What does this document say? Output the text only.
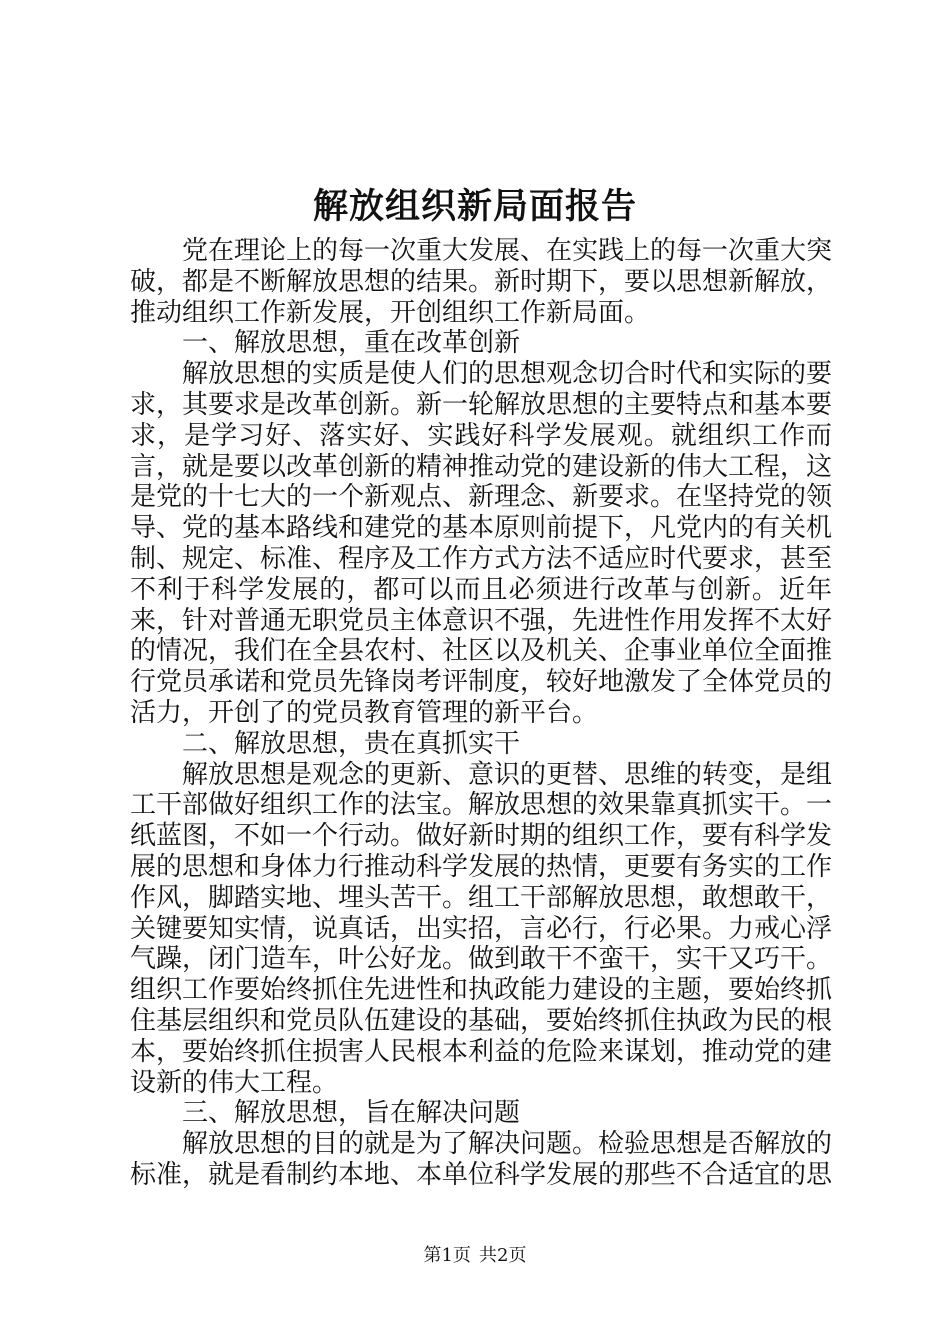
解放组织新局面报告

党在理论上的每一次重大发展、在实践上的每一次重大突破，都是不断解放思想的结果。新时期下，要以思想新解放，推动组织工作新发展，开创组织工作新局面。

一、解放思想，重在改革创新

解放思想的实质是使人们的思想观念切合时代和实际的要求，其要求是改革创新。新一轮解放思想的主要特点和基本要求，是学习好、落实好、实践好科学发展观。就组织工作而言，就是要以改革创新的精神推动党的建设新的伟大工程，这是党的十七大的一个新观点、新理念、新要求。在坚持党的领导、党的基本路线和建党的基本原则前提下，凡党内的有关机制、规定、标准、程序及工作方式方法不适应时代要求，甚至不利于科学发展的，都可以而且必须进行改革与创新。近年来，针对普通无职党员主体意识不强，先进性作用发挥不太好的情况，我们在全县农村、社区以及机关、企事业单位全面推行党员承诺和党员先锋岗考评制度，较好地激发了全体党员的活力，开创了的党员教育管理的新平台。

二、解放思想，贵在真抓实干

解放思想是观念的更新、意识的更替、思维的转变，是组工干部做好组织工作的法宝。解放思想的效果靠真抓实干。一纸蓝图，不如一个行动。做好新时期的组织工作，要有科学发展的思想和身体力行推动科学发展的热情，更要有务实的工作作风，脚踏实地、埋头苦干。组工干部解放思想，敢想敢干，关键要知实情，说真话，出实招，言必行，行必果。力戒心浮气躁，闭门造车，叶公好龙。做到敢干不蛮干，实干又巧干。组织工作要始终抓住先进性和执政能力建设的主题，要始终抓住基层组织和党员队伍建设的基础，要始终抓住执政为民的根本，要始终抓住损害人民根本利益的危险来谋划，推动党的建设新的伟大工程。

三、解放思想，旨在解决问题

解放思想的目的就是为了解决问题。检验思想是否解放的标准，就是看制约本地、本单位科学发展的那些不合适宜的思

第1页 共2页
